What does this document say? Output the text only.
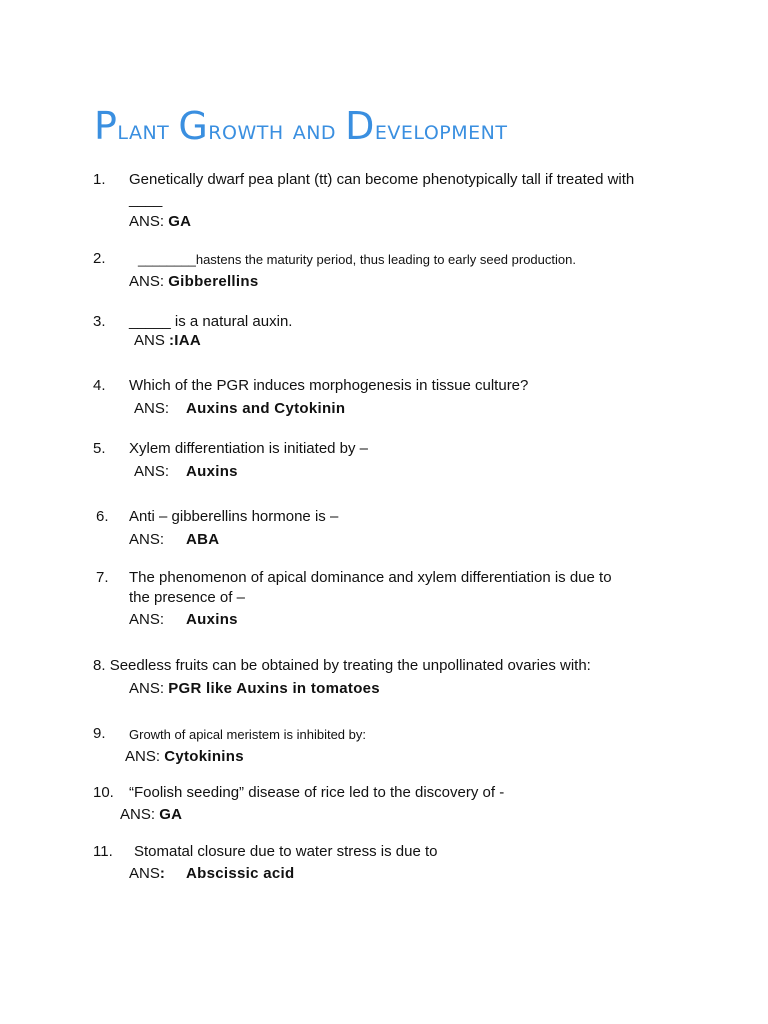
Plant Growth and Development
1. Genetically dwarf pea plant (tt) can become phenotypically tall if treated with
____
ANS: GA
2. ________hastens the maturity period, thus leading to early seed production.
ANS: Gibberellins
3. _____ is a natural auxin.
ANS :IAA
4. Which of the PGR induces morphogenesis in tissue culture?
ANS: Auxins and Cytokinin
5. Xylem differentiation is initiated by –
ANS: Auxins
6. Anti – gibberellins hormone is –
ANS: ABA
7. The phenomenon of apical dominance and xylem differentiation is due to
the presence of –
ANS: Auxins
8. Seedless fruits can be obtained by treating the unpollinated ovaries with:
ANS: PGR like Auxins in tomatoes
9. Growth of apical meristem is inhibited by:
ANS: Cytokinins
10. “Foolish seeding” disease of rice led to the discovery of -
ANS: GA
11. Stomatal closure due to water stress is due to
ANS: Abscissic acid
